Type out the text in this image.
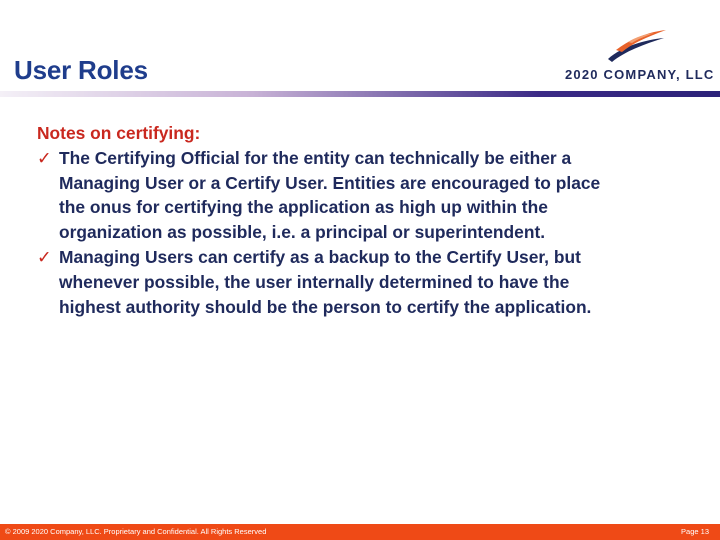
User Roles	2020 COMPANY, LLC
Notes on certifying:
✓ The Certifying Official for the entity can technically be either a
Managing User or a Certify User. Entities are encouraged to place
the onus for certifying the application as high up within the
organization as possible, i.e. a principal or superintendent.
✓ Managing Users can certify as a backup to the Certify User, but
whenever possible, the user internally determined to have the
highest authority should be the person to certify the application.
© 2009 2020 Company, LLC. Proprietary and Confidential. All Rights Reserved	Page 13
